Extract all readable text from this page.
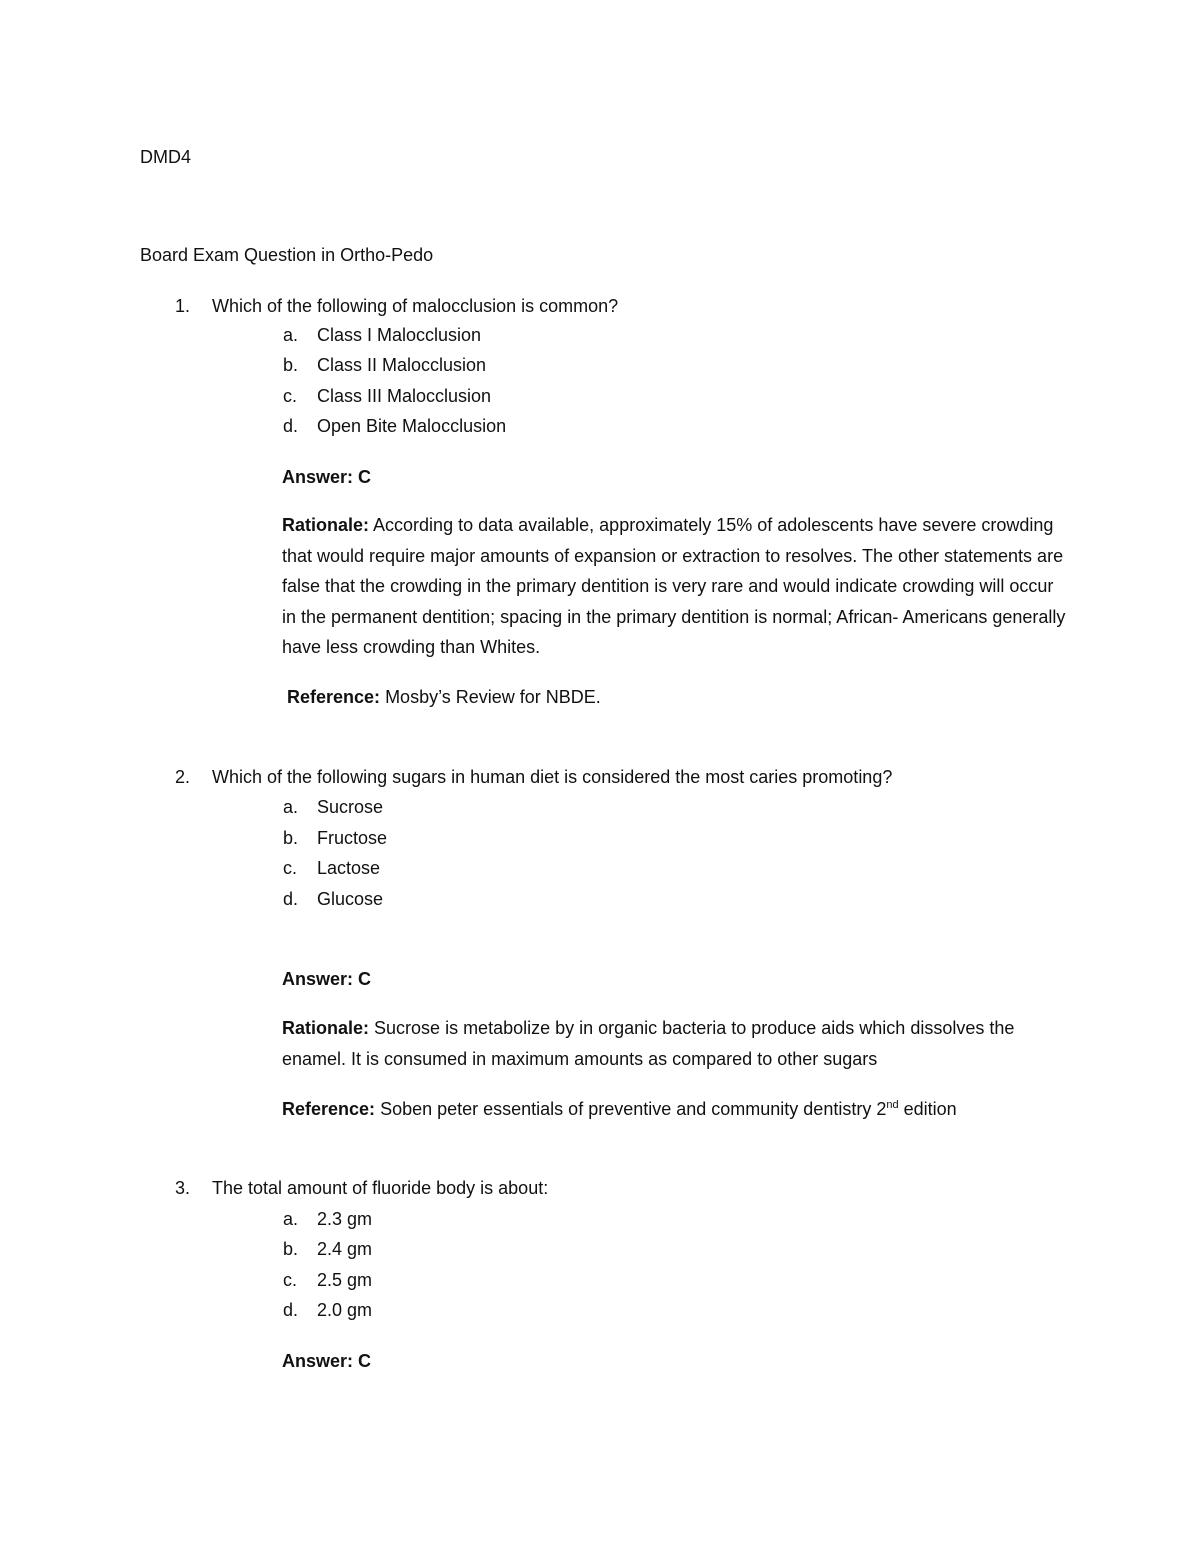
DMD4
Board Exam Question in Ortho-Pedo
1. Which of the following of malocclusion is common?
a. Class I Malocclusion
b. Class II Malocclusion
c. Class III Malocclusion
d. Open Bite Malocclusion
Answer: C
Rationale: According to data available, approximately 15% of adolescents have severe crowding that would require major amounts of expansion or extraction to resolves. The other statements are false that the crowding in the primary dentition is very rare and would indicate crowding will occur in the permanent dentition; spacing in the primary dentition is normal; African- Americans generally have less crowding than Whites.
Reference: Mosby’s Review for NBDE.
2. Which of the following sugars in human diet is considered the most caries promoting?
a. Sucrose
b. Fructose
c. Lactose
d. Glucose
Answer: C
Rationale: Sucrose is metabolize by in organic bacteria to produce aids which dissolves the enamel. It is consumed in maximum amounts as compared to other sugars
Reference: Soben peter essentials of preventive and community dentistry 2nd edition
3. The total amount of fluoride body is about:
a. 2.3 gm
b. 2.4 gm
c. 2.5 gm
d. 2.0 gm
Answer: C
